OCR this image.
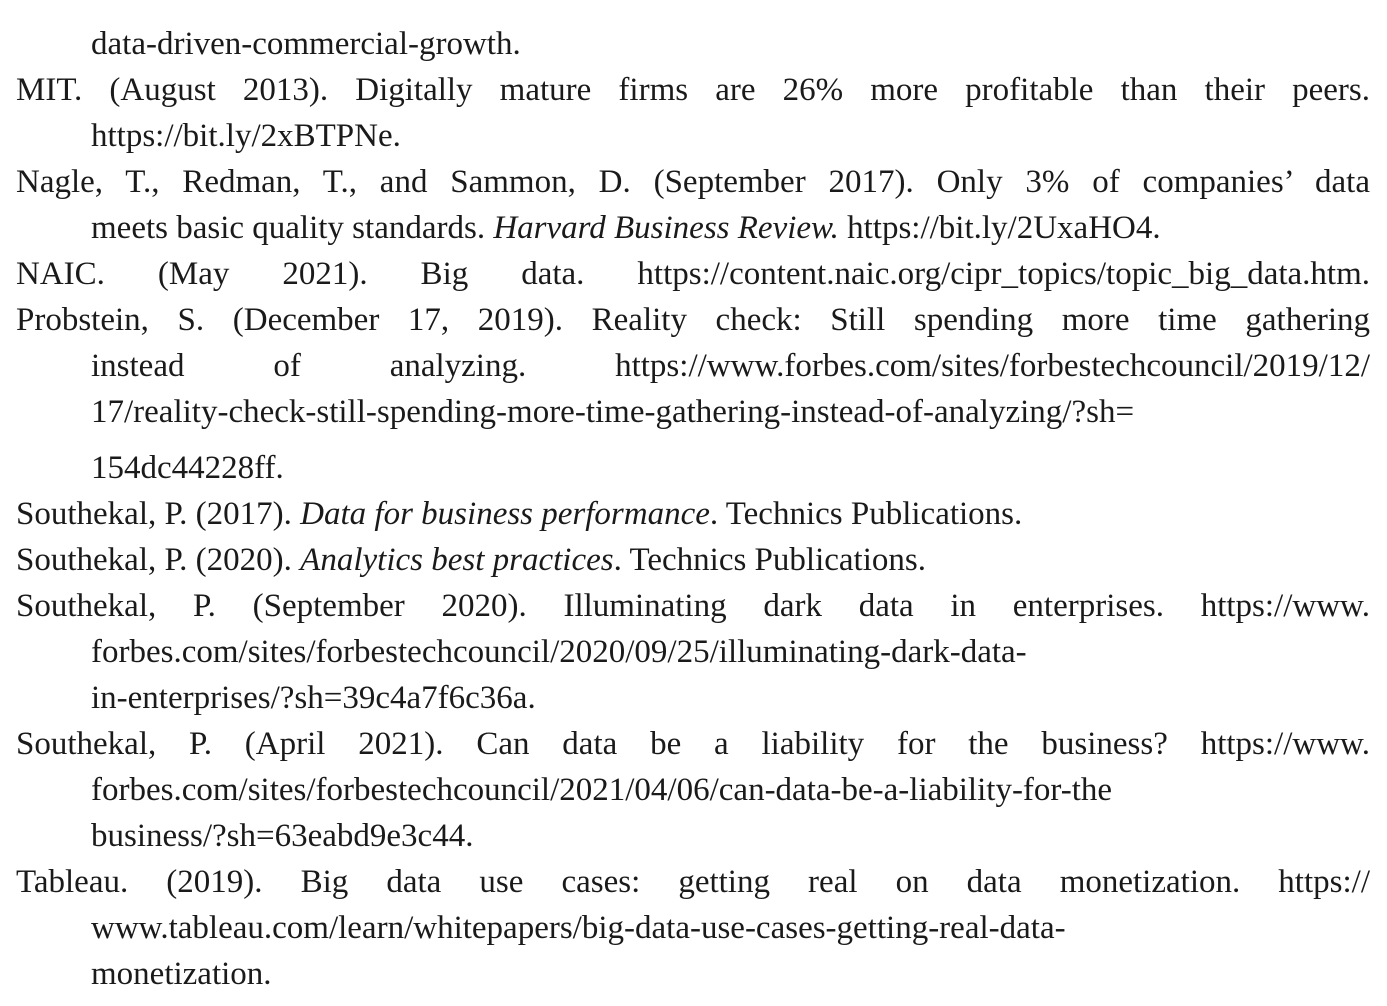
data-driven-commercial-growth.
MIT. (August 2013). Digitally mature firms are 26% more profitable than their peers.
https://bit.ly/2xBTPNe.
Nagle, T., Redman, T., and Sammon, D. (September 2017). Only 3% of companies’ data
meets basic quality standards. Harvard Business Review. https://bit.ly/2UxaHO4.
NAIC. (May 2021). Big data. https://content.naic.org/cipr_topics/topic_big_data.htm.
Probstein, S. (December 17, 2019). Reality check: Still spending more time gathering
instead of analyzing. https://www.forbes.com/sites/forbestechcouncil/2019/12/
17/reality-check-still-spending-more-time-gathering-instead-of-analyzing/?sh=
154dc44228ff.
Southekal, P. (2017). Data for business performance. Technics Publications.
Southekal, P. (2020). Analytics best practices. Technics Publications.
Southekal, P. (September 2020). Illuminating dark data in enterprises. https://www.
forbes.com/sites/forbestechcouncil/2020/09/25/illuminating-dark-data-
in-enterprises/?sh=39c4a7f6c36a.
Southekal, P. (April 2021). Can data be a liability for the business? https://www.
forbes.com/sites/forbestechcouncil/2021/04/06/can-data-be-a-liability-for-the
business/?sh=63eabd9e3c44.
Tableau. (2019). Big data use cases: getting real on data monetization. https://
www.tableau.com/learn/whitepapers/big-data-use-cases-getting-real-data-
monetization.
